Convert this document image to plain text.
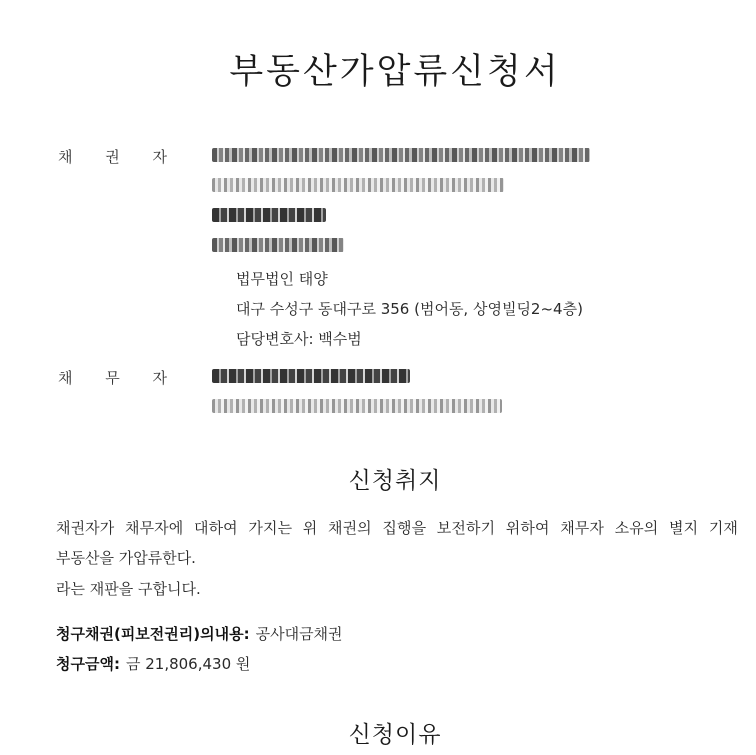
부동산가압류신청서
채 권 자
법무법인 태양
대구 수성구 동대구로 356 (범어동, 상영빌딩2~4층)
담당변호사: 백수범
채 무 자
신청취지
채권자가 채무자에 대하여 가지는 위 채권의 집행을 보전하기 위하여 채무자 소유의 별지 기재
부동산을 가압류한다.
라는 재판을 구합니다.
청구채권(피보전권리)의내용: 공사대금채권
청구금액: 금 21,806,430 원
신청이유
